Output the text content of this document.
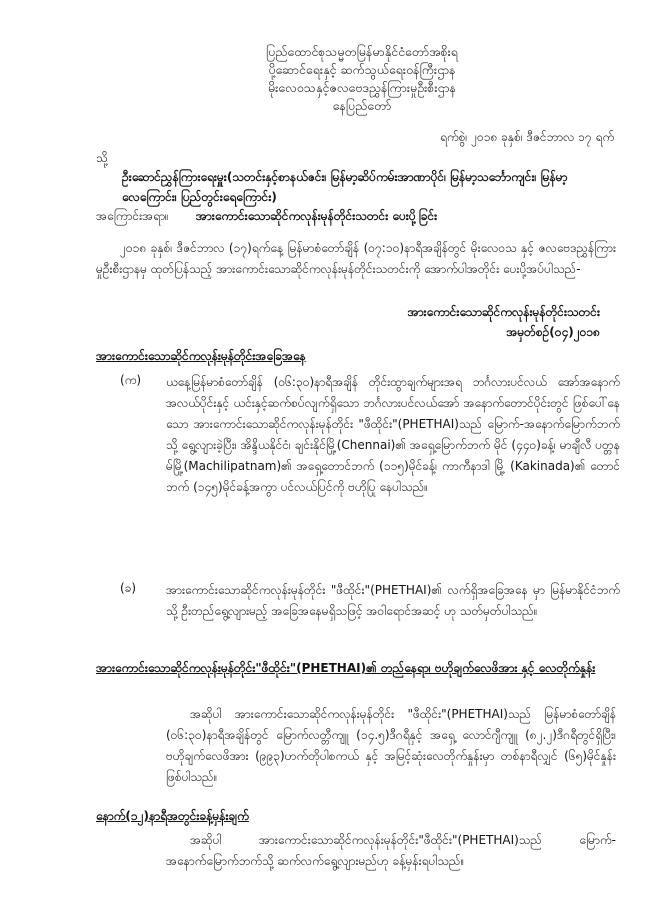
ပြည်ထောင်စုသမ္မတမြန်မာနိုင်ငံတော်အစိုးရ
ပို့ဆောင်ရေးနှင့် ဆက်သွယ်ရေးဝန်ကြီးဌာန
မိုးလေဝသနှင့်ဇလဗေဒညွှန်ကြားမှုဦးစီးဌာန
နေပြည်တော်
ရက်စွဲ၊ ၂၀၁၈ ခုနှစ်၊ ဒီဇင်ဘာလ ၁၇ ရက်
သို့
ဦးဆောင်ညွှန်ကြားရေးမှူး(သတင်းနှင့်စာနယ်ဇင်း၊ မြန်မာ့ဆိပ်ကမ်းအာဏာပိုင်၊ မြန်မာ့သင်္ဘောကျင်း၊ မြန်မာ့လေကြောင်း၊ ပြည်တွင်းရေကြောင်း)
အကြောင်းအရာ။ အားကောင်းသောဆိုင်ကလုန်းမုန်တိုင်းသတင်း ပေးပို့ခြင်း
၂၀၁၈ ခုနှစ်၊ ဒီဇင်ဘာလ (၁၇)ရက်နေ့ မြန်မာစံတော်ချိန် (၀၇:၁၀)နာရီအချိန်တွင် မိုးလေဝသ နှင့် ဇလဗေဒညွှန်ကြားမှုဦးစီးဌာနမှ ထုတ်ပြန်သည့် အားကောင်းသောဆိုင်ကလုန်းမုန်တိုင်းသတင်းကို အောက်ပါအတိုင်း ပေးပို့အပ်ပါသည်-
အားကောင်းသောဆိုင်ကလုန်းမုန်တိုင်းသတင်း
အမှတ်စဉ်(၀၄)၂၀၁၈
အားကောင်းသောဆိုင်ကလုန်းမုန်တိုင်းအခြေအနေ
(က)	ယနေ့မြန်မာစံတော်ချိန် (၀၆:၃၀)နာရီအချိန် တိုင်းထွာချက်များအရ ဘင်္ဂလားပင်လယ် အော်အနောက်အလယ်ပိုင်းနှင့် ယင်းနှင့်ဆက်စပ်လျက်ရှိသော ဘင်္ဂလားပင်လယ်အော် အနောက်တောင်ပိုင်းတွင် ဖြစ်ပေါ်နေသော အားကောင်းသောဆိုင်ကလုန်းမုန်တိုင်း "ဖီထိုင်း"(PHETHAI)သည် မြောက်-အနောက်မြောက်ဘက်သို့ ရွေ့လျားခဲ့ပြီး၊ အိန္ဒိယနိုင်ငံ၊ ချင်းနိုင်မြို့(Chennai)၏ အရှေ့မြောက်ဘက် မိုင် (၄၄၀)ခန့်၊ မာချီလီ ပတ္တနမ်မြို့(Machilipatnam)၏ အရှေ့တောင်ဘက် (၁၁၅)မိုင်ခန့်၊ ကာကီနာဒါ မြို့ (Kakinada)၏ တောင်ဘက် (၁၄၅)မိုင်ခန့်အကွာ ပင်လယ်ပြင်ကို ဗဟိုပြု နေပါသည်။
(ခ)	အားကောင်းသောဆိုင်ကလုန်းမုန်တိုင်း "ဖီထိုင်း"(PHETHAI)၏ လက်ရှိအခြေအနေ မှာ မြန်မာနိုင်ငံဘက်သို့ ဦးတည်ရွေ့လျားမည့် အခြေအနေမရှိသဖြင့် အဝါရောင်အဆင့် ဟု သတ်မှတ်ပါသည်။
အားကောင်းသောဆိုင်ကလုန်းမုန်တိုင်း"ဖီထိုင်း"(PHETHAI)၏ တည်နေရာ၊ ဗဟိုချက်လေဖိအား နှင့် လေတိုက်နှုန်း
အဆိုပါ အားကောင်းသောဆိုင်ကလုန်းမုန်တိုင်း "ဖီထိုင်း"(PHETHAI)သည် မြန်မာစံတော်ချိန် (၀၆:၃၀)နာရီအချိန်တွင် မြောက်လတ္တီကျူ (၁၄.၅)ဒီဂရီနှင့် အရှေ့ လောင်ဂျီကျူ (၈၂.၂)ဒီဂရီတွင်ရှိပြီး၊ ဗဟိုချက်လေဖိအား (၉၉၃)ဟက်တိုပါစကယ် နှင့် အမြင့်ဆုံးလေတိုက်နှုန်းမှာ တစ်နာရီလျှင် (၆၅)မိုင်နှုန်းဖြစ်ပါသည်။
နောက်(၁၂)နာရီအတွင်းခန့်မှန်းချက်
အဆိုပါ အားကောင်းသောဆိုင်ကလုန်းမုန်တိုင်း"ဖီထိုင်း"(PHETHAI)သည် မြောက်- အနောက်မြောက်ဘက်သို့ ဆက်လက်ရွေ့လျားမည်ဟု ခန့်မှန်းရပါသည်။
